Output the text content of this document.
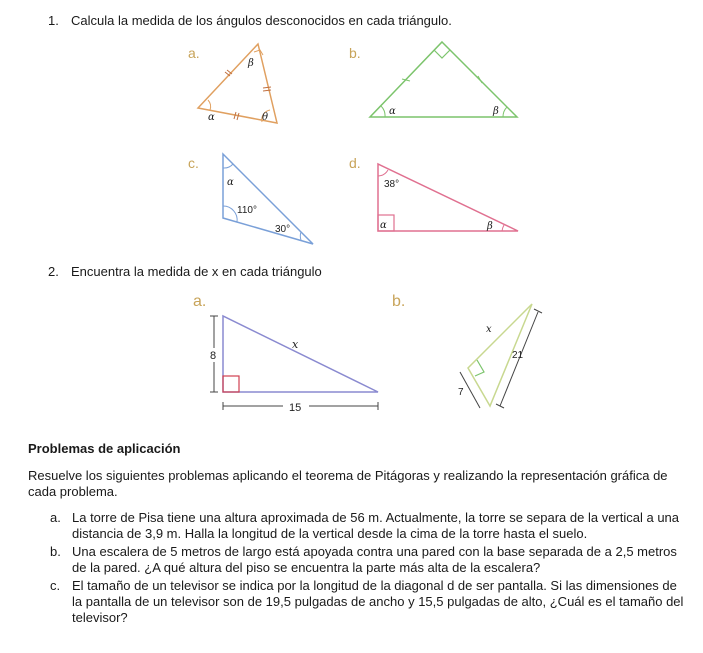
1. Calcula la medida de los ángulos desconocidos en cada triángulo.
a.
β
α	θ
b.
α	β
c.
α
110°
30°
d.
38°
α	β
2. Encuentra la medida de x en cada triángulo
a.
8
x
15
b.
x
21
7
Problemas de aplicación
Resuelve los siguientes problemas aplicando el teorema de Pitágoras y realizando la representación gráfica de cada problema.
a. La torre de Pisa tiene una altura aproximada de 56 m. Actualmente, la torre se separa de la vertical a una distancia de 3,9 m. Halla la longitud de la vertical desde la cima de la torre hasta el suelo.
b. Una escalera de 5 metros de largo está apoyada contra una pared con la base separada de a 2,5 metros de la pared. ¿A qué altura del piso se encuentra la parte más alta de la escalera?
c. El tamaño de un televisor se indica por la longitud de la diagonal d de ser pantalla. Si las dimensiones de la pantalla de un televisor son de 19,5 pulgadas de ancho y 15,5 pulgadas de alto, ¿Cuál es el tamaño del televisor?
